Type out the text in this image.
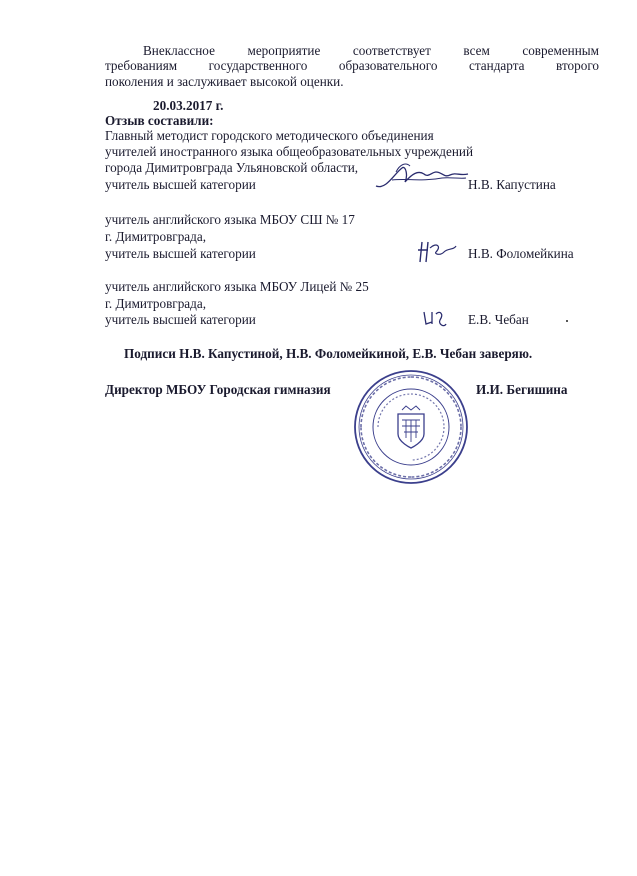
Внеклассное мероприятие соответствует всем современным
требованиям государственного образовательного стандарта второго
поколения и заслуживает высокой оценки.
20.03.2017 г.
Отзыв составили:
Главный методист городского методического объединения
учителей иностранного языка общеобразовательных учреждений
города Димитровграда Ульяновской области,
учитель высшей категории	Н.В. Капустина
учитель английского языка МБОУ СШ № 17
г. Димитровграда,
учитель высшей категории	Н.В. Фоломейкина
учитель английского языка МБОУ Лицей № 25
г. Димитровграда,
учитель высшей категории	Е.В. Чебан
Подписи Н.В. Капустиной, Н.В. Фоломейкиной, Е.В. Чебан заверяю.
Директор МБОУ Городская гимназия	И.И. Бегишина
